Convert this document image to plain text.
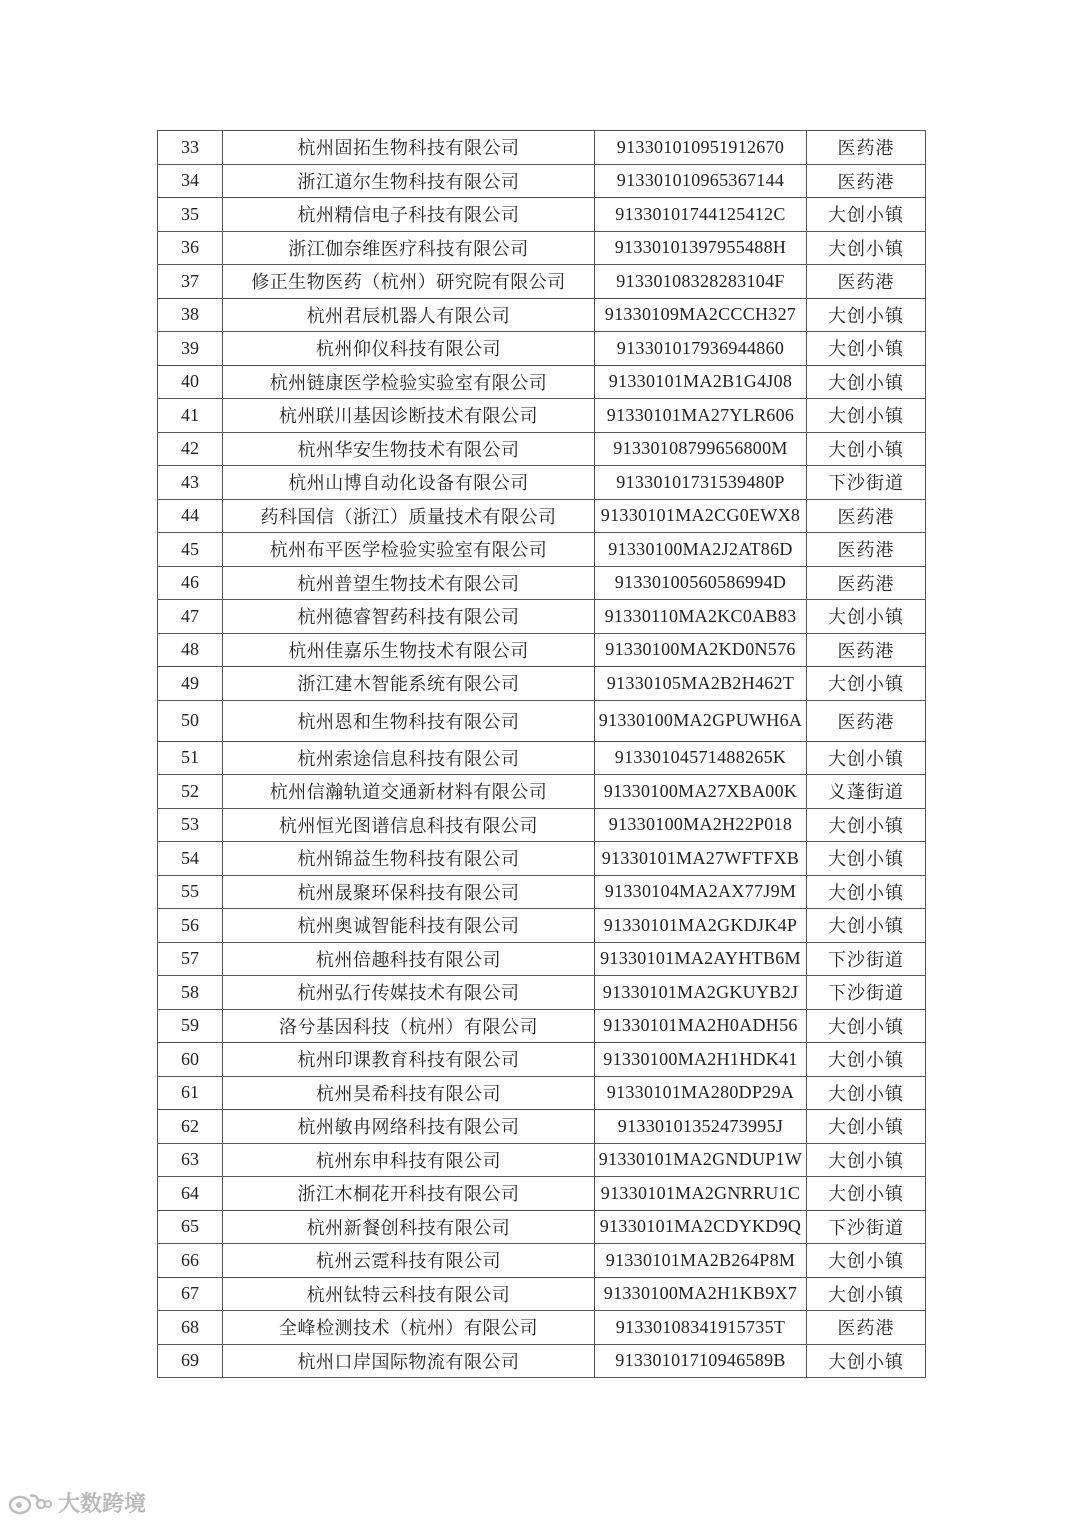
33	杭州固拓生物科技有限公司	913301010951912670	医药港
34	浙江道尔生物科技有限公司	913301010965367144	医药港
35	杭州精信电子科技有限公司	91330101744125412C	大创小镇
36	浙江伽奈维医疗科技有限公司	91330101397955488H	大创小镇
37	修正生物医药（杭州）研究院有限公司	91330108328283104F	医药港
38	杭州君辰机器人有限公司	91330109MA2CCCH327	大创小镇
39	杭州仰仪科技有限公司	913301017936944860	大创小镇
40	杭州链康医学检验实验室有限公司	91330101MA2B1G4J08	大创小镇
41	杭州联川基因诊断技术有限公司	91330101MA27YLR606	大创小镇
42	杭州华安生物技术有限公司	91330108799656800M	大创小镇
43	杭州山博自动化设备有限公司	91330101731539480P	下沙街道
44	药科国信（浙江）质量技术有限公司	91330101MA2CG0EWX8	医药港
45	杭州布平医学检验实验室有限公司	91330100MA2J2AT86D	医药港
46	杭州普望生物技术有限公司	91330100560586994D	医药港
47	杭州德睿智药科技有限公司	91330110MA2KC0AB83	大创小镇
48	杭州佳嘉乐生物技术有限公司	91330100MA2KD0N576	医药港
49	浙江建木智能系统有限公司	91330105MA2B2H462T	大创小镇
50	杭州恩和生物科技有限公司	91330100MA2GPUWH6A	医药港
51	杭州索途信息科技有限公司	91330104571488265K	大创小镇
52	杭州信瀚轨道交通新材料有限公司	91330100MA27XBA00K	义蓬街道
53	杭州恒光图谱信息科技有限公司	91330100MA2H22P018	大创小镇
54	杭州锦益生物科技有限公司	91330101MA27WFTFXB	大创小镇
55	杭州晟聚环保科技有限公司	91330104MA2AX77J9M	大创小镇
56	杭州奥诚智能科技有限公司	91330101MA2GKDJK4P	大创小镇
57	杭州倍趣科技有限公司	91330101MA2AYHTB6M	下沙街道
58	杭州弘行传媒技术有限公司	91330101MA2GKUYB2J	下沙街道
59	洛兮基因科技（杭州）有限公司	91330101MA2H0ADH56	大创小镇
60	杭州印课教育科技有限公司	91330100MA2H1HDK41	大创小镇
61	杭州昊希科技有限公司	91330101MA280DP29A	大创小镇
62	杭州敏冉网络科技有限公司	91330101352473995J	大创小镇
63	杭州东申科技有限公司	91330101MA2GNDUP1W	大创小镇
64	浙江木桐花开科技有限公司	91330101MA2GNRRU1C	大创小镇
65	杭州新餐创科技有限公司	91330101MA2CDYKD9Q	下沙街道
66	杭州云霓科技有限公司	91330101MA2B264P8M	大创小镇
67	杭州钛特云科技有限公司	91330100MA2H1KB9X7	大创小镇
68	全峰检测技术（杭州）有限公司	91330108341915735T	医药港
69	杭州口岸国际物流有限公司	91330101710946589B	大创小镇
大数跨境
